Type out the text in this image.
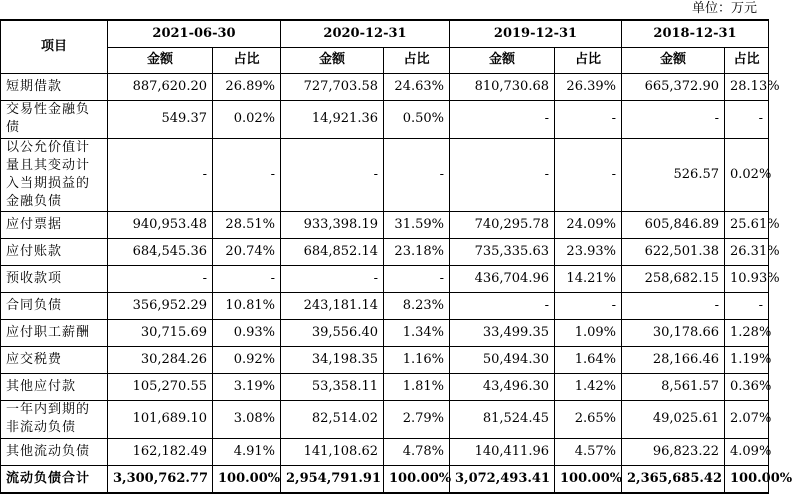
单位：万元
项目	2021-06-30		2020-12-31		2019-12-31		2018-12-31	
	金额	占比	金额	占比	金额	占比	金额	占比
短期借款	887,620.20	26.89%	727,703.58	24.63%	810,730.68	26.39%	665,372.90	28.13%
交易性金融负债	549.37	0.02%	14,921.36	0.50%	-	-	-	-
以公允价值计量且其变动计入当期损益的金融负债	-	-	-	-	-	-	526.57	0.02%
应付票据	940,953.48	28.51%	933,398.19	31.59%	740,295.78	24.09%	605,846.89	25.61%
应付账款	684,545.36	20.74%	684,852.14	23.18%	735,335.63	23.93%	622,501.38	26.31%
预收款项	-	-	-	-	436,704.96	14.21%	258,682.15	10.93%
合同负债	356,952.29	10.81%	243,181.14	8.23%	-	-	-	-
应付职工薪酬	30,715.69	0.93%	39,556.40	1.34%	33,499.35	1.09%	30,178.66	1.28%
应交税费	30,284.26	0.92%	34,198.35	1.16%	50,494.30	1.64%	28,166.46	1.19%
其他应付款	105,270.55	3.19%	53,358.11	1.81%	43,496.30	1.42%	8,561.57	0.36%
一年内到期的非流动负债	101,689.10	3.08%	82,514.02	2.79%	81,524.45	2.65%	49,025.61	2.07%
其他流动负债	162,182.49	4.91%	141,108.62	4.78%	140,411.96	4.57%	96,823.22	4.09%
流动负债合计	3,300,762.77	100.00%	2,954,791.91	100.00%	3,072,493.41	100.00%	2,365,685.42	100.00%
